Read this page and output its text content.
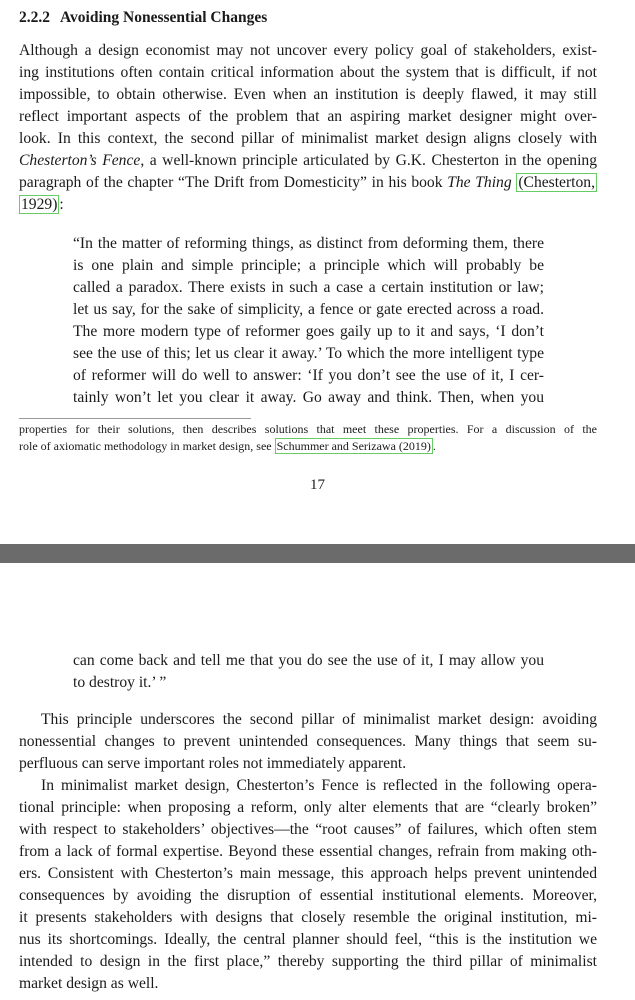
2.2.2 Avoiding Nonessential Changes
Although a design economist may not uncover every policy goal of stakeholders, exist-
ing institutions often contain critical information about the system that is difficult, if not
impossible, to obtain otherwise. Even when an institution is deeply flawed, it may still
reflect important aspects of the problem that an aspiring market designer might over-
look. In this context, the second pillar of minimalist market design aligns closely with
Chesterton’s Fence, a well-known principle articulated by G.K. Chesterton in the opening
paragraph of the chapter “The Drift from Domesticity” in his book The Thing (Chesterton,
1929) :
“In the matter of reforming things, as distinct from deforming them, there
is one plain and simple principle; a principle which will probably be
called a paradox. There exists in such a case a certain institution or law;
let us say, for the sake of simplicity, a fence or gate erected across a road.
The more modern type of reformer goes gaily up to it and says, ‘I don’t
see the use of this; let us clear it away.’ To which the more intelligent type
of reformer will do well to answer: ‘If you don’t see the use of it, I cer-
tainly won’t let you clear it away. Go away and think. Then, when you
properties for their solutions, then describes solutions that meet these properties. For a discussion of the
role of axiomatic methodology in market design, see Schummer and Serizawa (2019) .
17
can come back and tell me that you do see the use of it, I may allow you
to destroy it.’ ”
This principle underscores the second pillar of minimalist market design: avoiding
nonessential changes to prevent unintended consequences. Many things that seem su-
perfluous can serve important roles not immediately apparent.
In minimalist market design, Chesterton’s Fence is reflected in the following opera-
tional principle: when proposing a reform, only alter elements that are “clearly broken”
with respect to stakeholders’ objectives—the “root causes” of failures, which often stem
from a lack of formal expertise. Beyond these essential changes, refrain from making oth-
ers. Consistent with Chesterton’s main message, this approach helps prevent unintended
consequences by avoiding the disruption of essential institutional elements. Moreover,
it presents stakeholders with designs that closely resemble the original institution, mi-
nus its shortcomings. Ideally, the central planner should feel, “this is the institution we
intended to design in the first place,” thereby supporting the third pillar of minimalist
market design as well.
